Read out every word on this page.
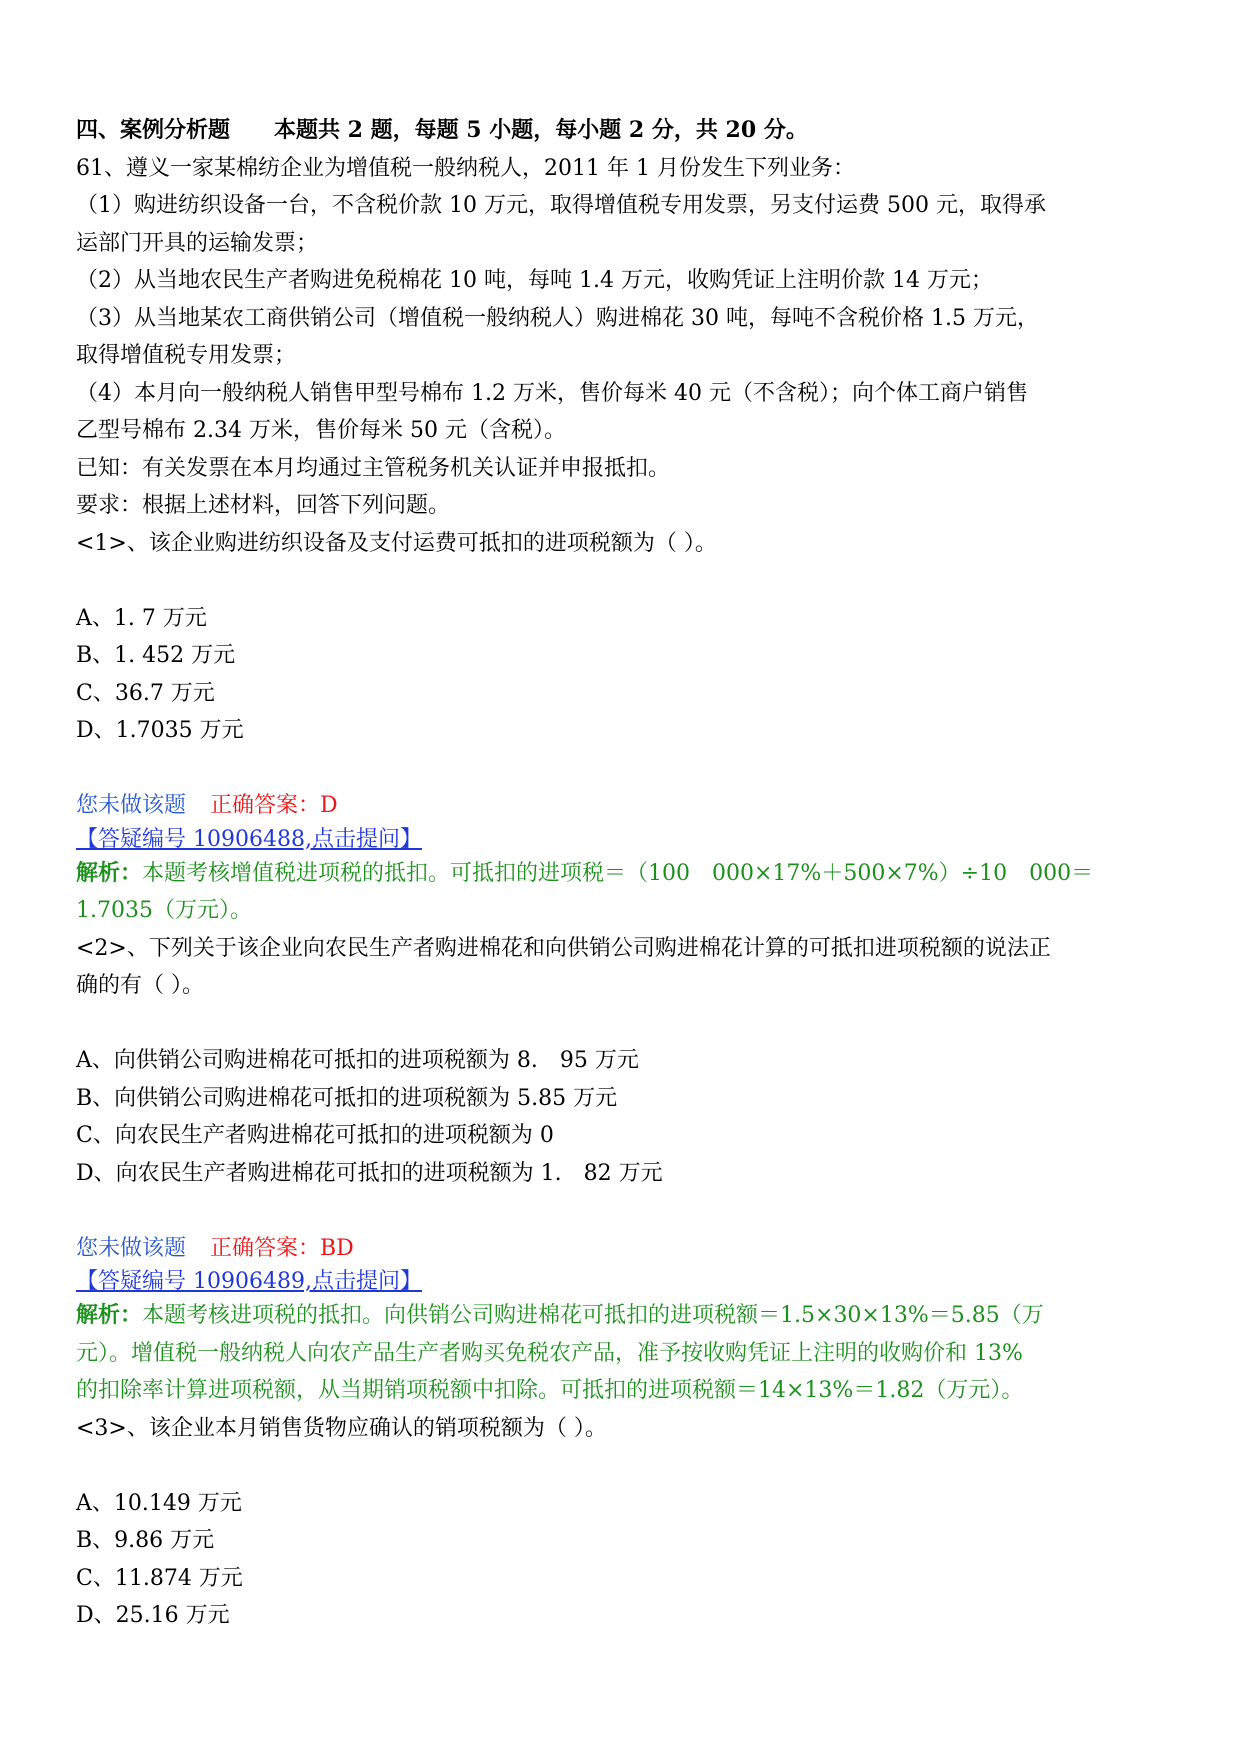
四、案例分析题　　本题共 2 题，每题 5 小题，每小题 2 分，共 20 分。
61、遵义一家某棉纺企业为增值税一般纳税人，2011 年 1 月份发生下列业务：
（1）购进纺织设备一台，不含税价款 10 万元，取得增值税专用发票，另支付运费 500 元，取得承
运部门开具的运输发票；
（2）从当地农民生产者购进免税棉花 10 吨，每吨 1.4 万元，收购凭证上注明价款 14 万元；
（3）从当地某农工商供销公司（增值税一般纳税人）购进棉花 30 吨，每吨不含税价格 1.5 万元，
取得增值税专用发票；
（4）本月向一般纳税人销售甲型号棉布 1.2 万米，售价每米 40 元（不含税）；向个体工商户销售
乙型号棉布 2.34 万米，售价每米 50 元（含税）。
已知：有关发票在本月均通过主管税务机关认证并申报抵扣。
要求：根据上述材料，回答下列问题。
<1>、该企业购进纺织设备及支付运费可抵扣的进项税额为（ ）。
A、1. 7 万元
B、1. 452 万元
C、36.7 万元
D、1.7035 万元
您未做该题 正确答案：D
【答疑编号 10906488,点击提问】
解析：本题考核增值税进项税的抵扣。可抵扣的进项税＝（100　000×17%＋500×7%）÷10　000＝
1.7035（万元）。
<2>、下列关于该企业向农民生产者购进棉花和向供销公司购进棉花计算的可抵扣进项税额的说法正
确的有（ ）。
A、向供销公司购进棉花可抵扣的进项税额为 8.　95 万元
B、向供销公司购进棉花可抵扣的进项税额为 5.85 万元
C、向农民生产者购进棉花可抵扣的进项税额为 0
D、向农民生产者购进棉花可抵扣的进项税额为 1.　82 万元
您未做该题 正确答案：BD
【答疑编号 10906489,点击提问】
解析：本题考核进项税的抵扣。向供销公司购进棉花可抵扣的进项税额＝1.5×30×13%＝5.85（万
元）。增值税一般纳税人向农产品生产者购买免税农产品，准予按收购凭证上注明的收购价和 13%
的扣除率计算进项税额，从当期销项税额中扣除。可抵扣的进项税额＝14×13%＝1.82（万元）。
<3>、该企业本月销售货物应确认的销项税额为（ ）。
A、10.149 万元
B、9.86 万元
C、11.874 万元
D、25.16 万元
